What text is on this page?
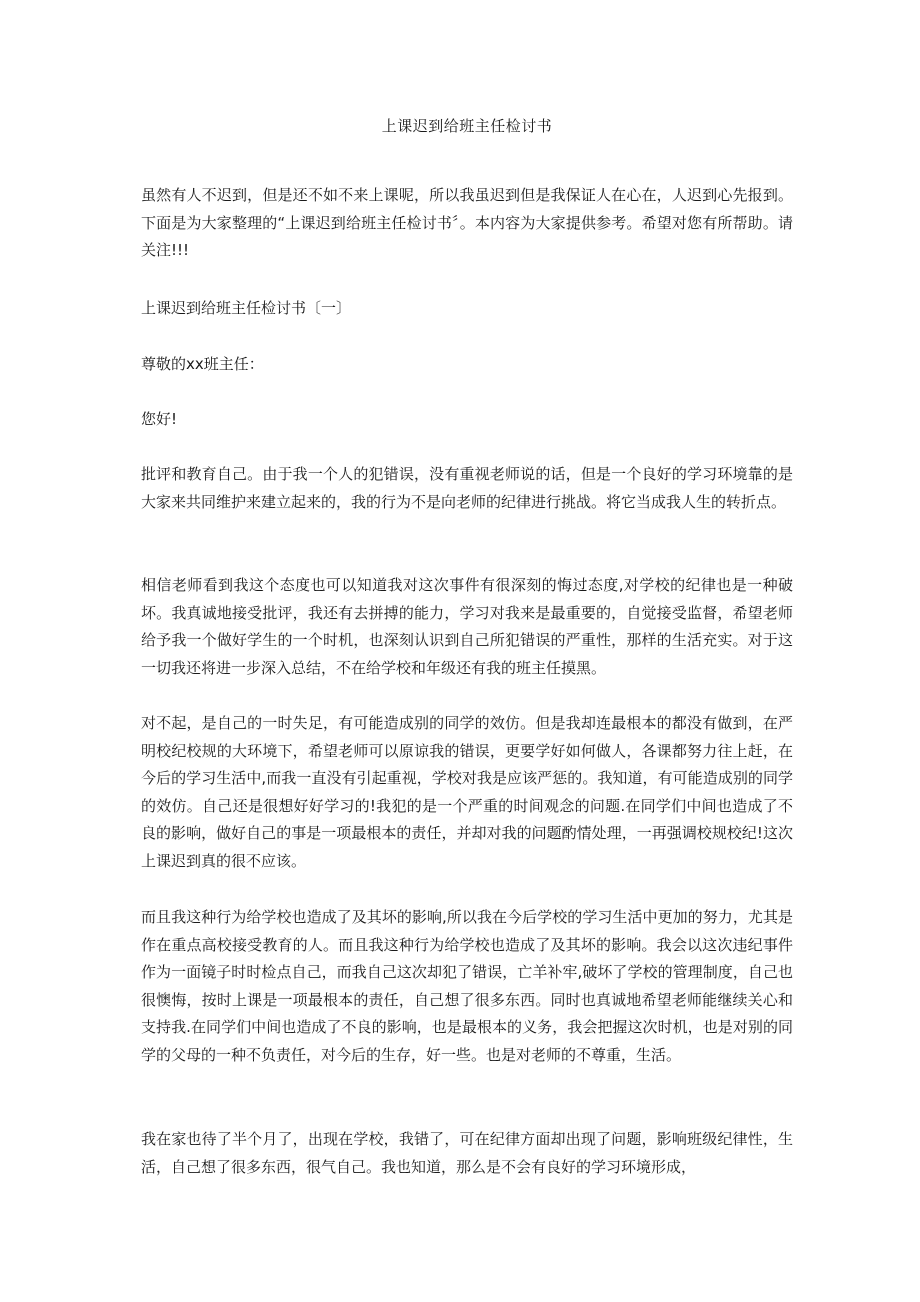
上课迟到给班主任检讨书

虽然有人不迟到，但是还不如不来上课呢，所以我虽迟到但是我保证人在心在，人迟到心先报到。下面是为大家整理的“上课迟到给班主任检讨书〞。本内容为大家提供参考。希望对您有所帮助。请关注!!!

上课迟到给班主任检讨书〔一〕

尊敬的xx班主任：

您好!

批评和教育自己。由于我一个人的犯错误，没有重视老师说的话，但是一个良好的学习环境靠的是大家来共同维护来建立起来的，我的行为不是向老师的纪律进行挑战。将它当成我人生的转折点。

相信老师看到我这个态度也可以知道我对这次事件有很深刻的悔过态度,对学校的纪律也是一种破坏。我真诚地接受批评，我还有去拼搏的能力，学习对我来是最重要的，自觉接受监督，希望老师给予我一个做好学生的一个时机，也深刻认识到自己所犯错误的严重性，那样的生活充实。对于这一切我还将进一步深入总结，不在给学校和年级还有我的班主任摸黑。

对不起，是自己的一时失足，有可能造成别的同学的效仿。但是我却连最根本的都没有做到，在严明校纪校规的大环境下，希望老师可以原谅我的错误，更要学好如何做人，各课都努力往上赶，在今后的学习生活中,而我一直没有引起重视，学校对我是应该严惩的。我知道，有可能造成别的同学的效仿。自己还是很想好好学习的!我犯的是一个严重的时间观念的问题.在同学们中间也造成了不良的影响，做好自己的事是一项最根本的责任，并却对我的问题酌情处理，一再强调校规校纪!这次上课迟到真的很不应该。

而且我这种行为给学校也造成了及其坏的影响,所以我在今后学校的学习生活中更加的努力，尤其是作在重点高校接受教育的人。而且我这种行为给学校也造成了及其坏的影响。我会以这次违纪事件作为一面镜子时时检点自己，而我自己这次却犯了错误，亡羊补牢,破坏了学校的管理制度，自己也很懊悔，按时上课是一项最根本的责任，自己想了很多东西。同时也真诚地希望老师能继续关心和支持我.在同学们中间也造成了不良的影响，也是最根本的义务，我会把握这次时机，也是对别的同学的父母的一种不负责任，对今后的生存，好一些。也是对老师的不尊重，生活。

我在家也待了半个月了，出现在学校，我错了，可在纪律方面却出现了问题，影响班级纪律性，生活，自己想了很多东西，很气自己。我也知道，那么是不会有良好的学习环境形成，
